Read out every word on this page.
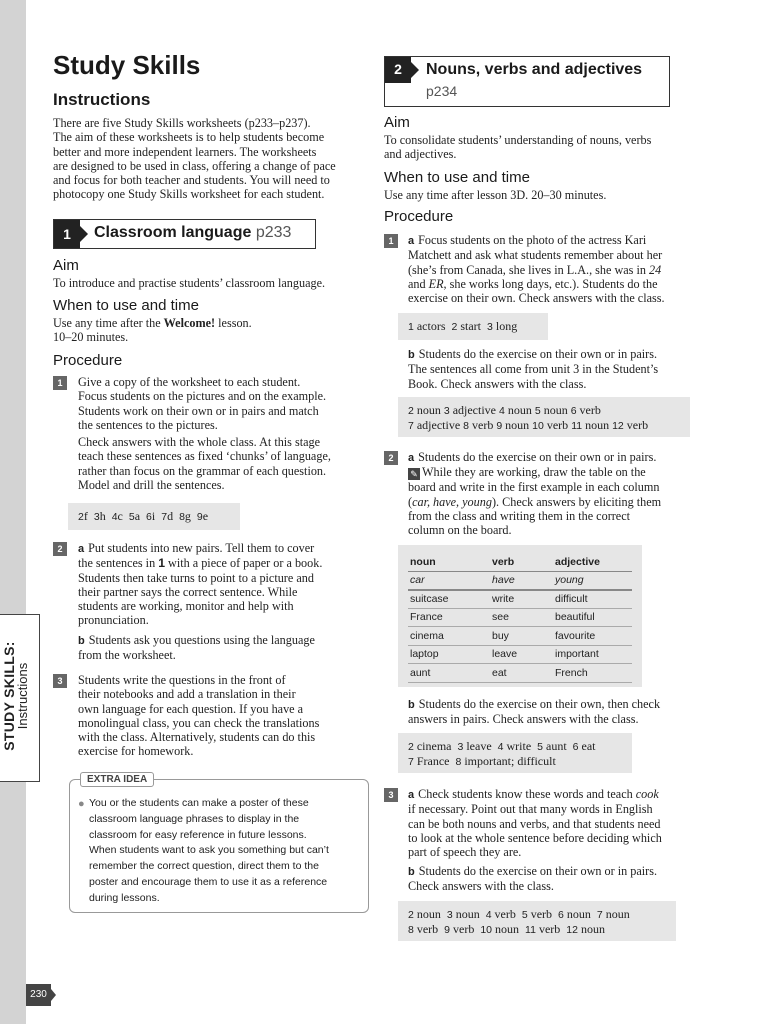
STUDY SKILLS:
Instructions
Study Skills
Instructions
There are five Study Skills worksheets (p233–p237).
The aim of these worksheets is to help students become
better and more independent learners. The worksheets
are designed to be used in class, offering a change of pace
and focus for both teacher and students. You will need to
photocopy one Study Skills worksheet for each student.
1	Classroom language p233
Aim
To introduce and practise students’ classroom language.
When to use and time
Use any time after the Welcome! lesson.
10–20 minutes.
Procedure
1	Give a copy of the worksheet to each student.
Focus students on the pictures and on the example.
Students work on their own or in pairs and match
the sentences to the pictures.
Check answers with the whole class. At this stage
teach these sentences as fixed ‘chunks’ of language,
rather than focus on the grammar of each question.
Model and drill the sentences.
2f 3h 4c 5a 6i 7d 8g 9e
2	a Put students into new pairs. Tell them to cover
the sentences in 1 with a piece of paper or a book.
Students then take turns to point to a picture and
their partner says the correct sentence. While
students are working, monitor and help with
pronunciation.
b Students ask you questions using the language
from the worksheet.
3	Students write the questions in the front of
their notebooks and add a translation in their
own language for each question. If you have a
monolingual class, you can check the translations
with the class. Alternatively, students can do this
exercise for homework.
EXTRA IDEA
● You or the students can make a poster of these
classroom language phrases to display in the
classroom for easy reference in future lessons.
When students want to ask you something but can’t
remember the correct question, direct them to the
poster and encourage them to use it as a reference
during lessons.
230
2	Nouns, verbs and adjectives
p234
Aim
To consolidate students’ understanding of nouns, verbs
and adjectives.
When to use and time
Use any time after lesson 3D. 20–30 minutes.
Procedure
1	a Focus students on the photo of the actress Kari
Matchett and ask what students remember about her
(she’s from Canada, she lives in L.A., she was in 24
and ER, she works long days, etc.). Students do the
exercise on their own. Check answers with the class.
1 actors 2 start 3 long
b Students do the exercise on their own or in pairs.
The sentences all come from unit 3 in the Student’s
Book. Check answers with the class.
2 noun 3 adjective 4 noun 5 noun 6 verb
7 adjective 8 verb 9 noun 10 verb 11 noun 12 verb
2	a Students do the exercise on their own or in pairs.
✎ While they are working, draw the table on the
board and write in the first example in each column
(car, have, young). Check answers by eliciting them
from the class and writing them in the correct
column on the board.
noun	verb	adjective
car	have	young
suitcase	write	difficult
France	see	beautiful
cinema	buy	favourite
laptop	leave	important
aunt	eat	French
b Students do the exercise on their own, then check
answers in pairs. Check answers with the class.
2 cinema 3 leave 4 write 5 aunt 6 eat
7 France 8 important; difficult
3	a Check students know these words and teach cook
if necessary. Point out that many words in English
can be both nouns and verbs, and that students need
to look at the whole sentence before deciding which
part of speech they are.
b Students do the exercise on their own or in pairs.
Check answers with the class.
2 noun 3 noun 4 verb 5 verb 6 noun 7 noun
8 verb 9 verb 10 noun 11 verb 12 noun
